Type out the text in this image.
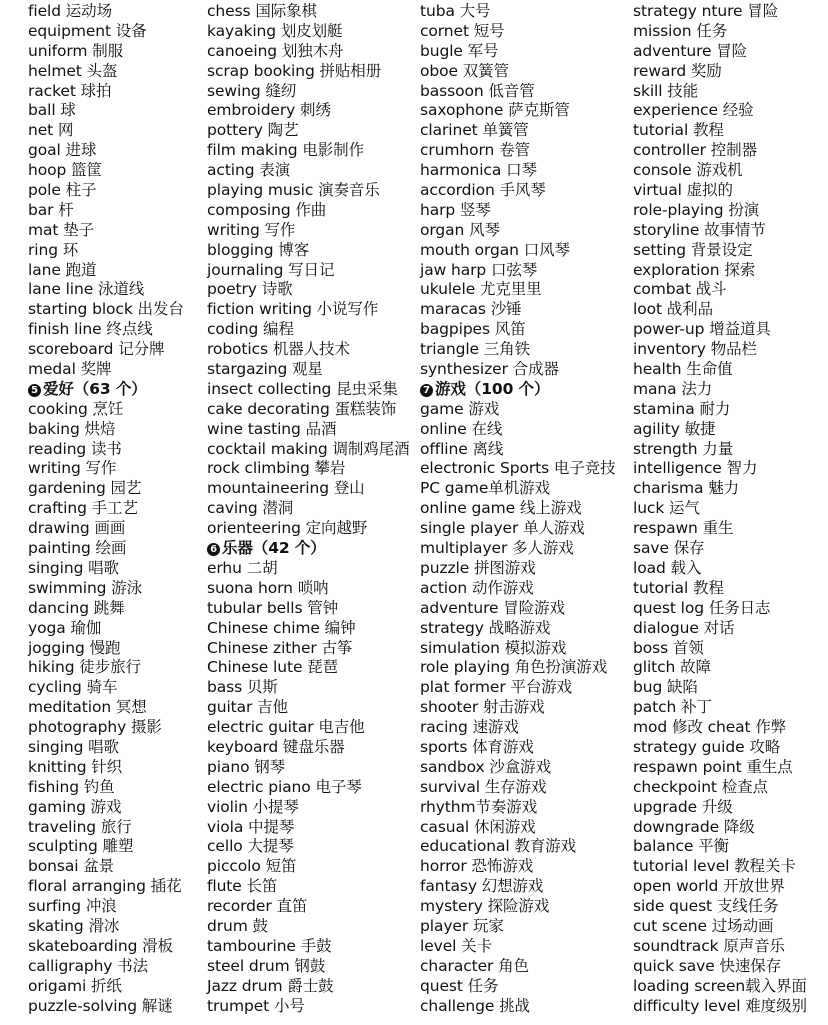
field 运动场
equipment 设备
uniform 制服
helmet 头盔
racket 球拍
ball 球
net 网
goal 进球
hoop 篮筐
pole 柱子
bar 杆
mat 垫子
ring 环
lane 跑道
lane line 泳道线
starting block 出发台
finish line 终点线
scoreboard 记分牌
medal 奖牌
5 爱好（63 个）
cooking 烹饪
baking 烘焙
reading 读书
writing 写作
gardening 园艺
crafting 手工艺
drawing 画画
painting 绘画
singing 唱歌
swimming 游泳
dancing 跳舞
yoga 瑜伽
jogging 慢跑
hiking 徒步旅行
cycling 骑车
meditation 冥想
photography 摄影
singing 唱歌
knitting 针织
fishing 钓鱼
gaming 游戏
traveling 旅行
sculpting 雕塑
bonsai 盆景
floral arranging 插花
surfing 冲浪
skating 滑冰
skateboarding 滑板
calligraphy 书法
origami 折纸
puzzle-solving 解谜
chess 国际象棋
kayaking 划皮划艇
canoeing 划独木舟
scrap booking 拼贴相册
sewing 缝纫
embroidery 刺绣
pottery 陶艺
film making 电影制作
acting 表演
playing music 演奏音乐
composing 作曲
writing 写作
blogging 博客
journaling 写日记
poetry 诗歌
fiction writing 小说写作
coding 编程
robotics 机器人技术
stargazing 观星
insect collecting 昆虫采集
cake decorating 蛋糕装饰
wine tasting 品酒
cocktail making 调制鸡尾酒
rock climbing 攀岩
mountaineering 登山
caving 潜洞
orienteering 定向越野
6 乐器（42 个）
erhu 二胡
suona horn 唢呐
tubular bells 管钟
Chinese chime 编钟
Chinese zither 古筝
Chinese lute 琵琶
bass 贝斯
guitar 吉他
electric guitar 电吉他
keyboard 键盘乐器
piano 钢琴
electric piano 电子琴
violin 小提琴
viola 中提琴
cello 大提琴
piccolo 短笛
flute 长笛
recorder 直笛
drum 鼓
tambourine 手鼓
steel drum 钢鼓
Jazz drum 爵士鼓
trumpet 小号
tuba 大号
cornet 短号
bugle 军号
oboe 双簧管
bassoon 低音管
saxophone 萨克斯管
clarinet 单簧管
crumhorn 卷管
harmonica 口琴
accordion 手风琴
harp 竖琴
organ 风琴
mouth organ 口风琴
jaw harp 口弦琴
ukulele 尤克里里
maracas 沙锤
bagpipes 风笛
triangle 三角铁
synthesizer 合成器
7 游戏（100 个）
game 游戏
online 在线
offline 离线
electronic Sports 电子竞技
PC game单机游戏
online game 线上游戏
single player 单人游戏
multiplayer 多人游戏
puzzle 拼图游戏
action 动作游戏
adventure 冒险游戏
strategy 战略游戏
simulation 模拟游戏
role playing 角色扮演游戏
plat former 平台游戏
shooter 射击游戏
racing 速游戏
sports 体育游戏
sandbox 沙盒游戏
survival 生存游戏
rhythm节奏游戏
casual 休闲游戏
educational 教育游戏
horror 恐怖游戏
fantasy 幻想游戏
mystery 探险游戏
player 玩家
level 关卡
character 角色
quest 任务
challenge 挑战
strategy nture 冒险
mission 任务
adventure 冒险
reward 奖励
skill 技能
experience 经验
tutorial 教程
controller 控制器
console 游戏机
virtual 虚拟的
role-playing 扮演
storyline 故事情节
setting 背景设定
exploration 探索
combat 战斗
loot 战利品
power-up 增益道具
inventory 物品栏
health 生命值
mana 法力
stamina 耐力
agility 敏捷
strength 力量
intelligence 智力
charisma 魅力
luck 运气
respawn 重生
save 保存
load 载入
tutorial 教程
quest log 任务日志
dialogue 对话
boss 首领
glitch 故障
bug 缺陷
patch 补丁
mod 修改 cheat 作弊
strategy guide 攻略
respawn point 重生点
checkpoint 检查点
upgrade 升级
downgrade 降级
balance 平衡
tutorial level 教程关卡
open world 开放世界
side quest 支线任务
cut scene 过场动画
soundtrack 原声音乐
quick save 快速保存
loading screen载入界面
difficulty level 难度级别
